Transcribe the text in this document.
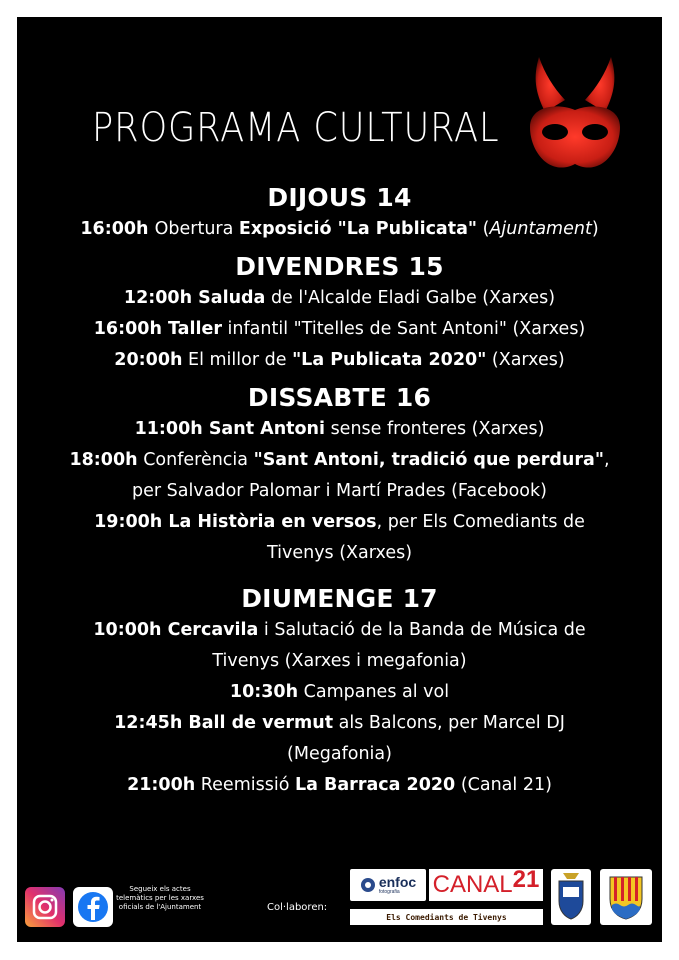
PROGRAMA CULTURAL
DIJOUS 14
16:00h Obertura Exposició "La Publicata" (Ajuntament)
DIVENDRES 15
12:00h Saluda de l'Alcalde Eladi Galbe (Xarxes)
16:00h Taller infantil "Titelles de Sant Antoni" (Xarxes)
20:00h El millor de "La Publicata 2020" (Xarxes)
DISSABTE 16
11:00h Sant Antoni sense fronteres (Xarxes)
18:00h Conferència "Sant Antoni, tradició que perdura",
per Salvador Palomar i Martí Prades (Facebook)
19:00h La Història en versos, per Els Comediants de
Tivenys (Xarxes)
DIUMENGE 17
10:00h Cercavila i Salutació de la Banda de Música de
Tivenys (Xarxes i megafonia)
10:30h Campanes al vol
12:45h Ball de vermut als Balcons, per Marcel DJ
(Megafonia)
21:00h Reemissió La Barraca 2020 (Canal 21)
Segueix els actes telemàtics per les xarxes oficials de l'Ajuntament	Col·laboren:
enfoc
fotografia	CANAL 21
Els Comediants de Tivenys
